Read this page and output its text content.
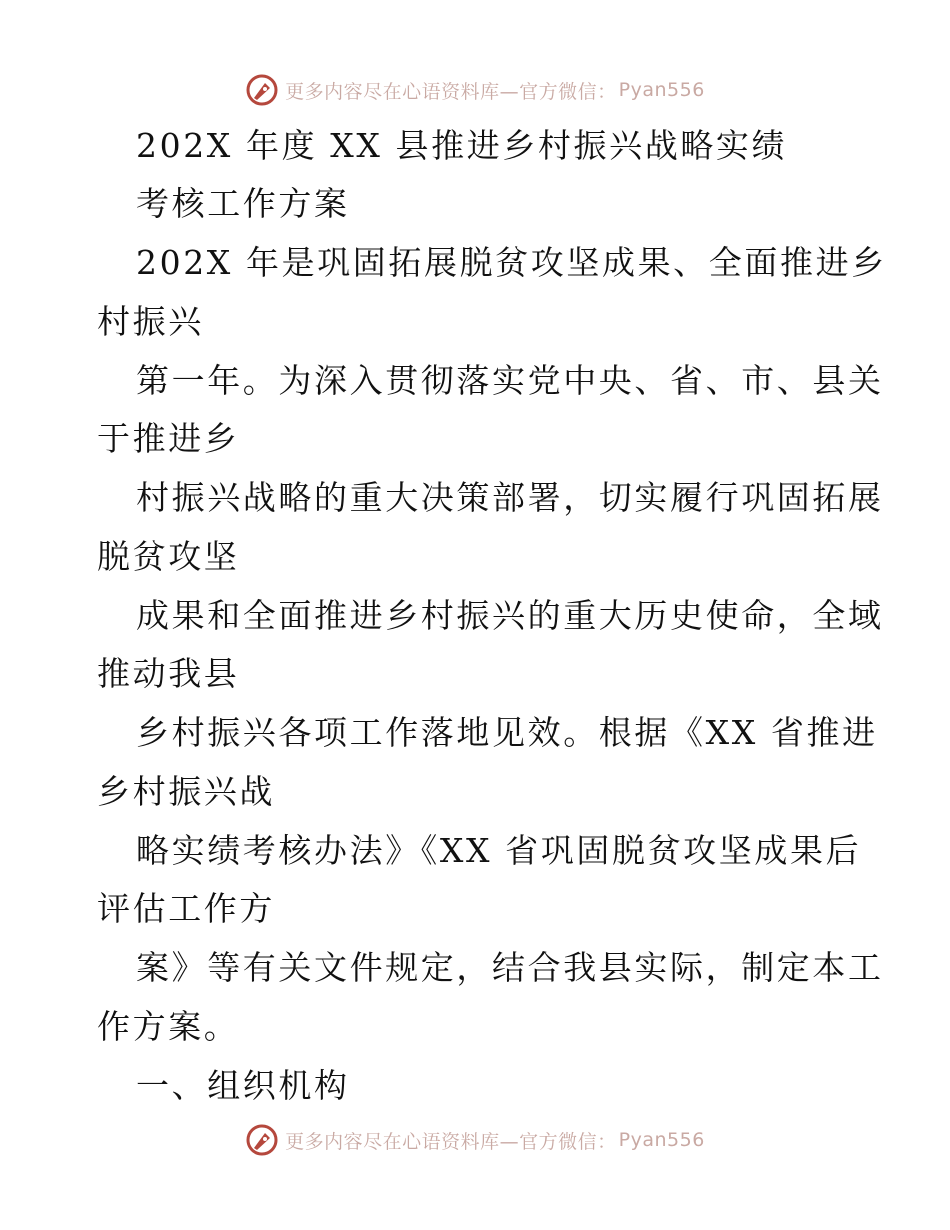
更多内容尽在心语资料库—官方微信： Pyan556
202X 年度 XX 县推进乡村振兴战略实绩
考核工作方案
202X 年是巩固拓展脱贫攻坚成果、全面推进乡
村振兴
第一年。为深入贯彻落实党中央、省、市、县关
于推进乡
村振兴战略的重大决策部署，切实履行巩固拓展
脱贫攻坚
成果和全面推进乡村振兴的重大历史使命，全域
推动我县
乡村振兴各项工作落地见效。根据《XX 省推进
乡村振兴战
略实绩考核办法》《XX 省巩固脱贫攻坚成果后
评估工作方
案》等有关文件规定，结合我县实际，制定本工
作方案。
一、组织机构
更多内容尽在心语资料库—官方微信： Pyan556
